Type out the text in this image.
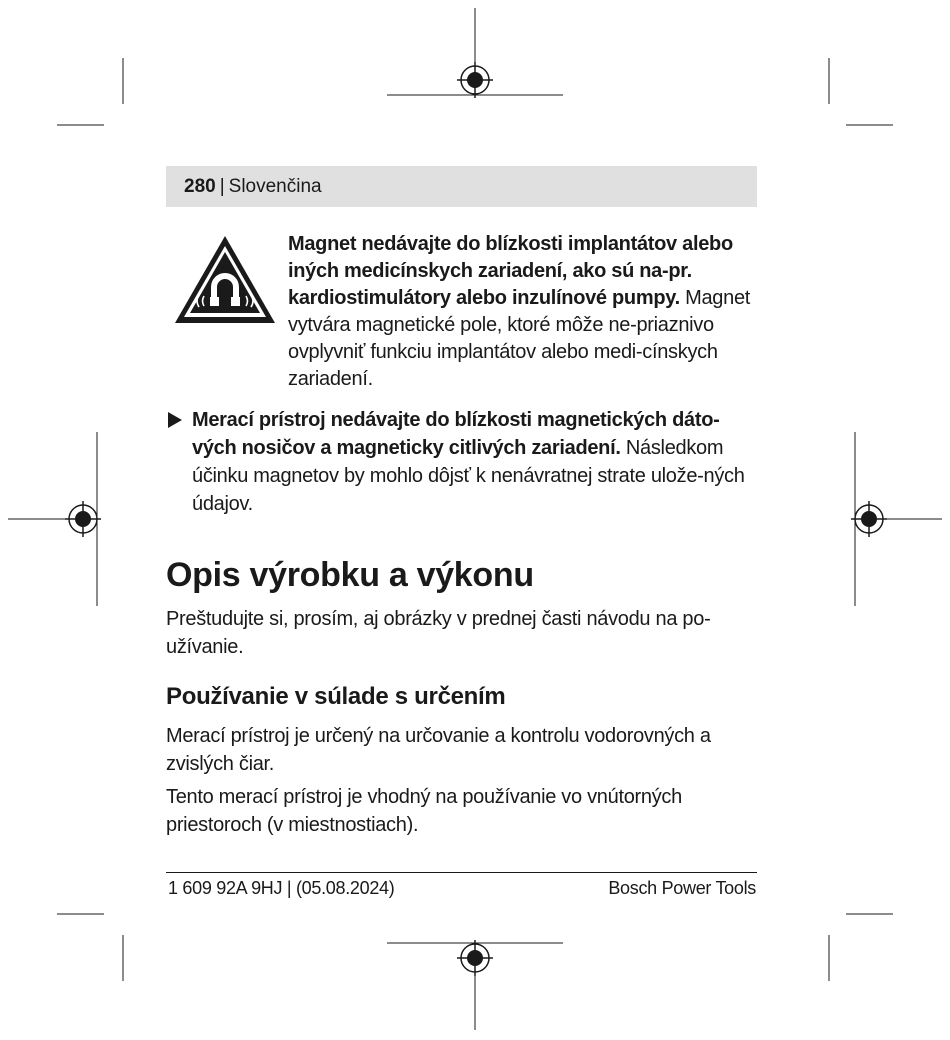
280 | Slovenčina
Magnet nedávajte do blízkosti implantátov alebo iných medicínskych zariadení, ako sú na-pr. kardiostimulátory alebo inzulínové pumpy. Magnet vytvára magnetické pole, ktoré môže ne-priaznivo ovplyvniť funkciu implantátov alebo medi-cínskych zariadení.
Merací prístroj nedávajte do blízkosti magnetických dáto-vých nosičov a magneticky citlivých zariadení. Následkom účinku magnetov by mohlo dôjsť k nenávratnej strate ulože-ných údajov.
Opis výrobku a výkonu
Preštudujte si, prosím, aj obrázky v prednej časti návodu na po-užívanie.
Používanie v súlade s určením
Merací prístroj je určený na určovanie a kontrolu vodorovných a zvislých čiar.
Tento merací prístroj je vhodný na používanie vo vnútorných priestoroch (v miestnostiach).
1 609 92A 9HJ | (05.08.2024)	Bosch Power Tools
